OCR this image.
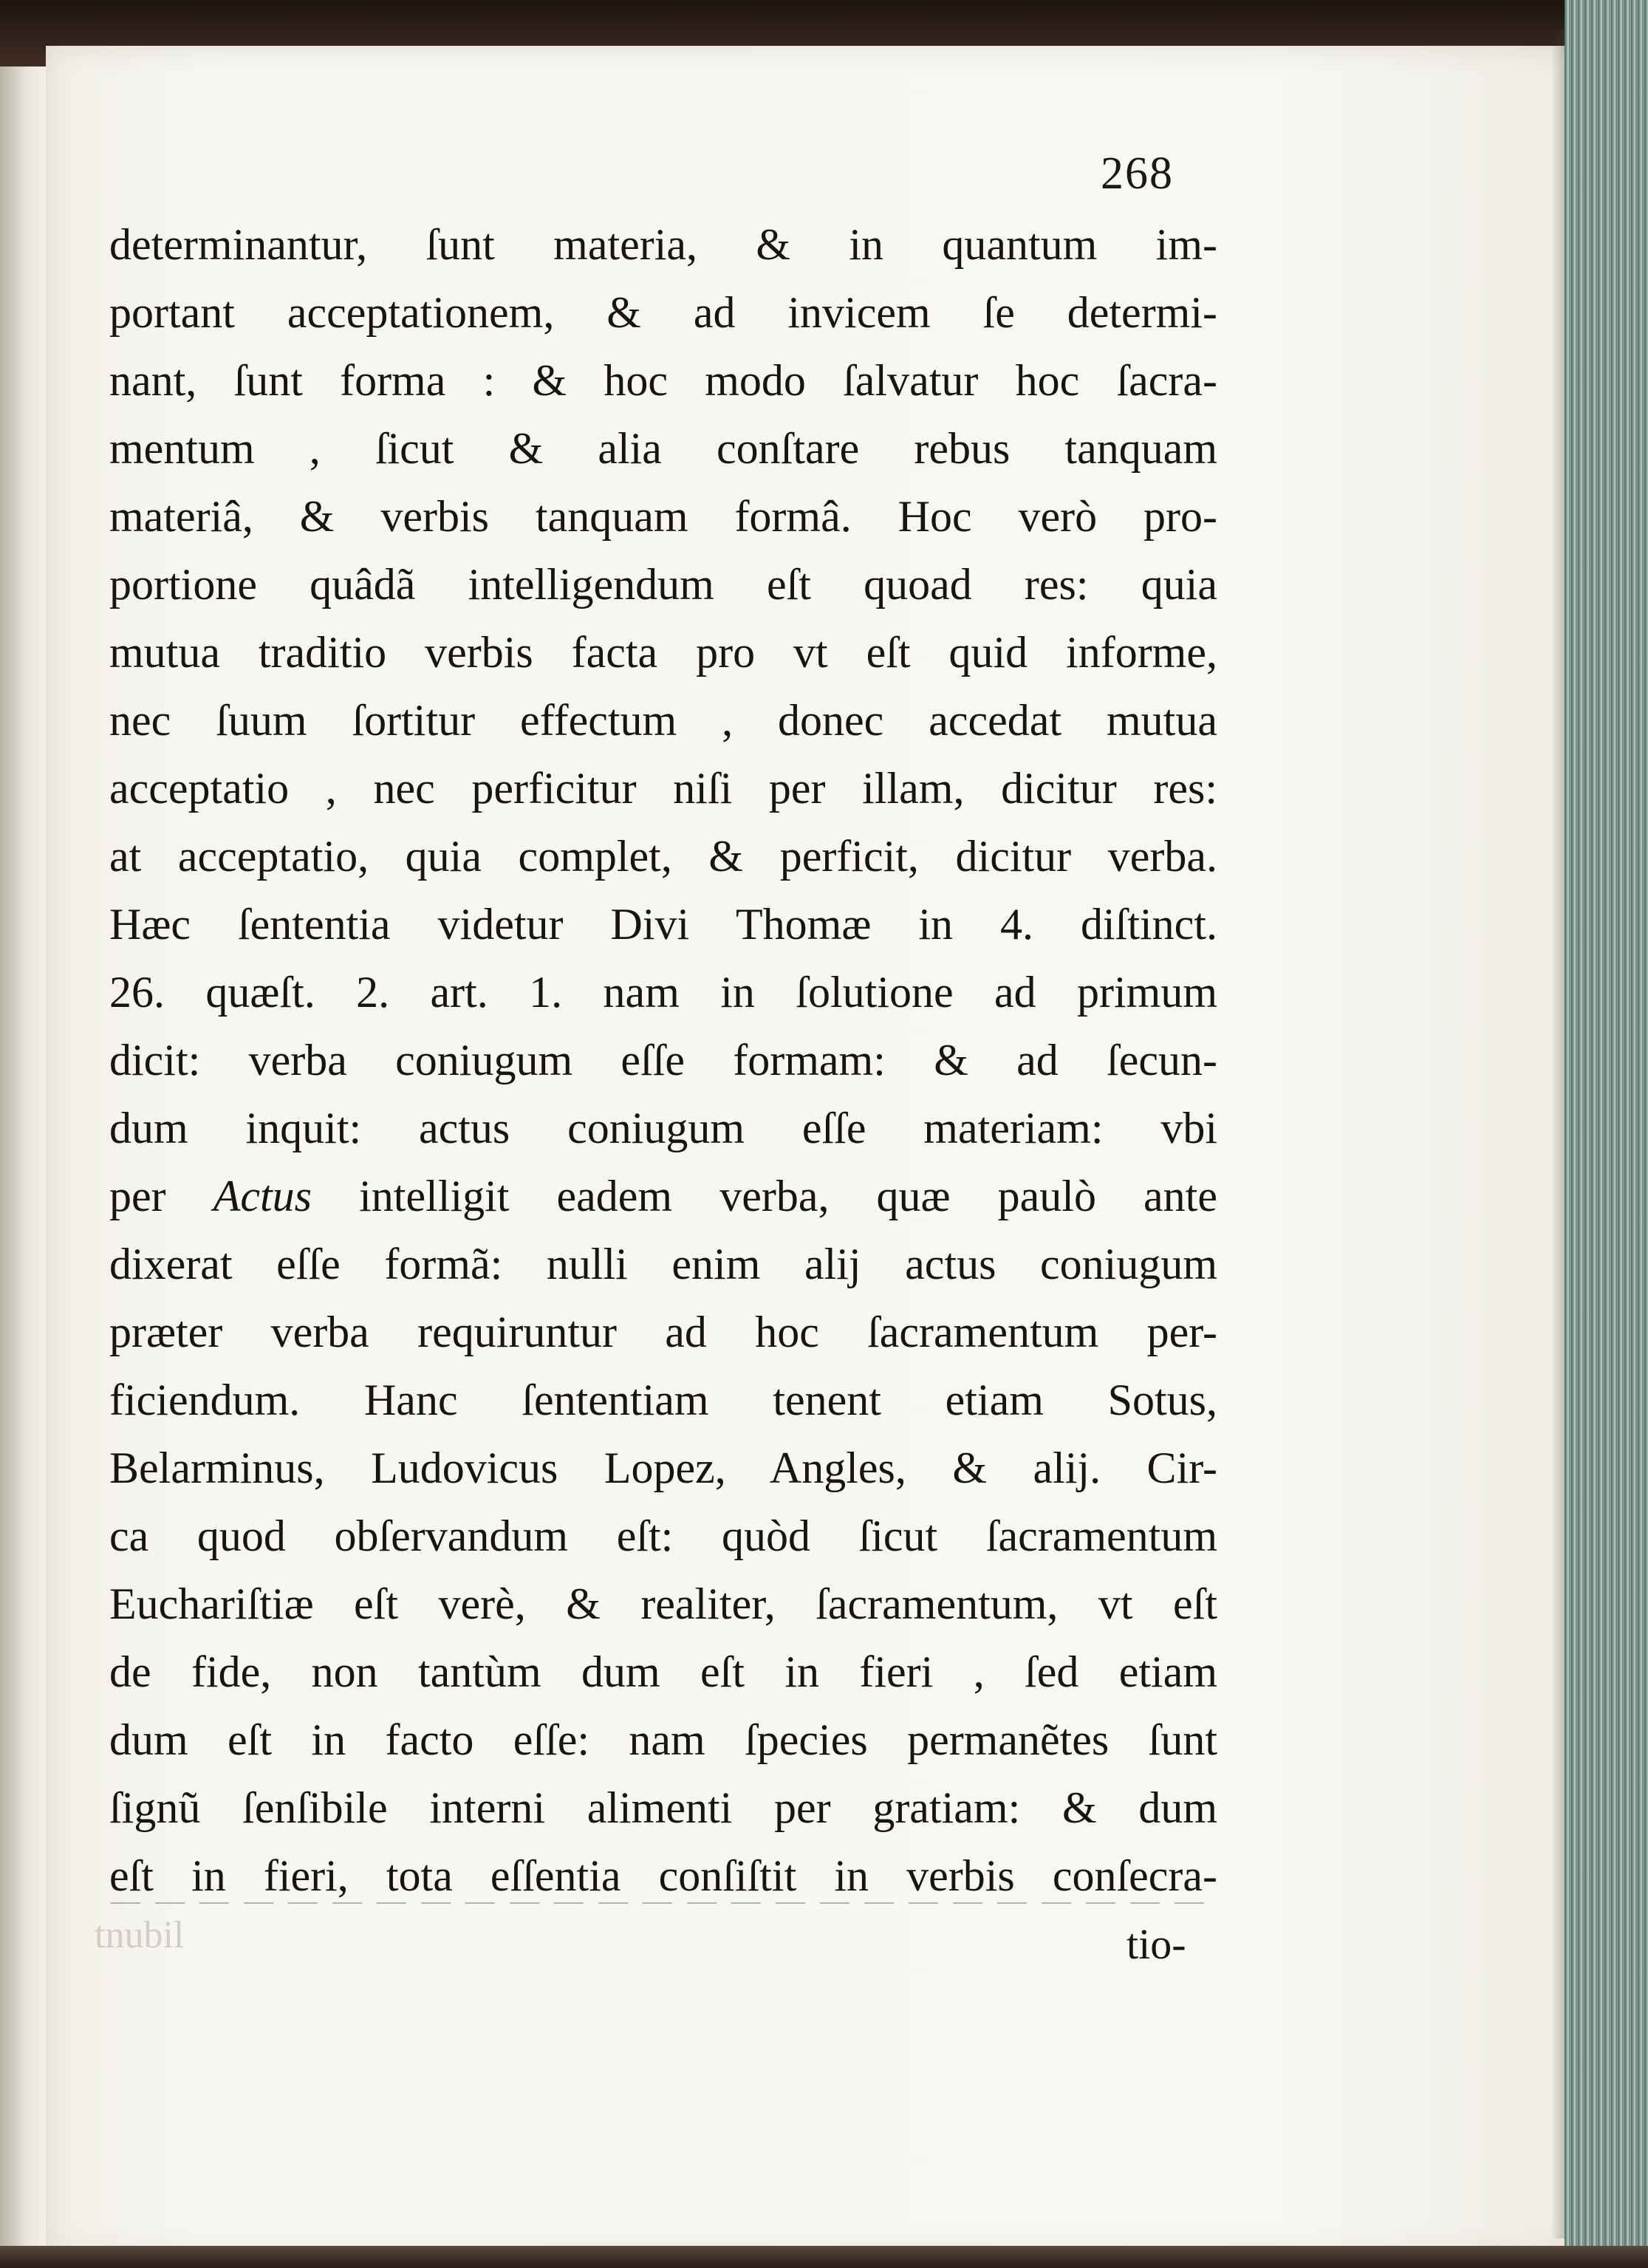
268
determinantur, ſunt materia, & in quantum im-
portant acceptationem, & ad invicem ſe determi-
nant, ſunt forma : & hoc modo ſalvatur hoc ſacra-
mentum , ſicut & alia conſtare rebus tanquam
materiâ, & verbis tanquam formâ. Hoc verò pro-
portione quâdã intelligendum eſt quoad res: quia
mutua traditio verbis facta pro vt eſt quid informe,
nec ſuum ſortitur effectum , donec accedat mutua
acceptatio , nec perficitur niſi per illam, dicitur res:
at acceptatio, quia complet, & perficit, dicitur verba.
Hæc ſententia videtur Divi Thomæ in 4. diſtinct.
26. quæſt. 2. art. 1. nam in ſolutione ad primum
dicit: verba coniugum eſſe formam: & ad ſecun-
dum inquit: actus coniugum eſſe materiam: vbi
per Actus intelligit eadem verba, quæ paulò ante
dixerat eſſe formã: nulli enim alij actus coniugum
præter verba requiruntur ad hoc ſacramentum per-
ficiendum. Hanc ſententiam tenent etiam Sotus,
Belarminus, Ludovicus Lopez, Angles, & alij. Cir-
ca quod obſervandum eſt: quòd ſicut ſacramentum
Euchariſtiæ eſt verè, & realiter, ſacramentum, vt eſt
de fide, non tantùm dum eſt in fieri , ſed etiam
dum eſt in facto eſſe: nam ſpecies permanẽtes ſunt
ſignũ ſenſibile interni alimenti per gratiam: & dum
eſt in fieri, tota eſſentia conſiſtit in verbis conſecra-
tnubil	tio-
